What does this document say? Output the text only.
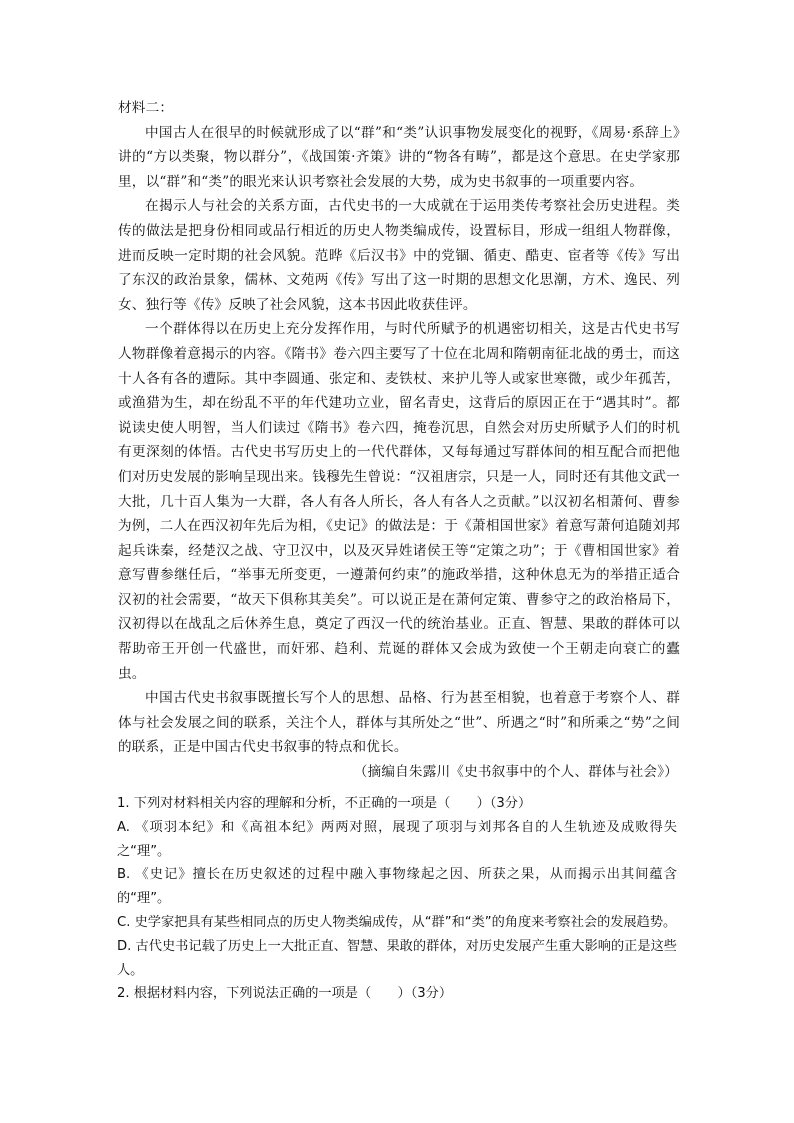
材料二：

中国古人在很早的时候就形成了以“群”和“类”认识事物发展变化的视野，《周易·系辞上》讲的“方以类聚，物以群分”，《战国策·齐策》讲的“物各有畴”，都是这个意思。在史学家那里，以“群”和“类”的眼光来认识考察社会发展的大势，成为史书叙事的一项重要内容。

在揭示人与社会的关系方面，古代史书的一大成就在于运用类传考察社会历史进程。类传的做法是把身份相同或品行相近的历史人物类编成传，设置标目，形成一组组人物群像，进而反映一定时期的社会风貌。范晔《后汉书》中的党锢、循吏、酷吏、宦者等《传》写出了东汉的政治景象，儒林、文苑两《传》写出了这一时期的思想文化思潮，方术、逸民、列女、独行等《传》反映了社会风貌，这本书因此收获佳评。

一个群体得以在历史上充分发挥作用，与时代所赋予的机遇密切相关，这是古代史书写人物群像着意揭示的内容。《隋书》卷六四主要写了十位在北周和隋朝南征北战的勇士，而这十人各有各的遭际。其中李圆通、张定和、麦铁杖、来护儿等人或家世寒微，或少年孤苦，或渔猎为生，却在纷乱不平的年代建功立业，留名青史，这背后的原因正在于“遇其时”。都说读史使人明智，当人们读过《隋书》卷六四，掩卷沉思，自然会对历史所赋予人们的时机有更深刻的体悟。古代史书写历史上的一代代群体，又每每通过写群体间的相互配合而把他们对历史发展的影响呈现出来。钱穆先生曾说：“汉祖唐宗，只是一人，同时还有其他文武一大批，几十百人集为一大群，各人有各人所长，各人有各人之贡献。”以汉初名相萧何、曹参为例，二人在西汉初年先后为相，《史记》的做法是：于《萧相国世家》着意写萧何追随刘邦起兵诛秦，经楚汉之战、守卫汉中，以及灭异姓诸侯王等“定策之功”；于《曹相国世家》着意写曹参继任后，“举事无所变更，一遵萧何约束”的施政举措，这种休息无为的举措正适合汉初的社会需要，“故天下俱称其美矣”。可以说正是在萧何定策、曹参守之的政治格局下，汉初得以在战乱之后休养生息，奠定了西汉一代的统治基业。正直、智慧、果敢的群体可以帮助帝王开创一代盛世，而奸邪、趋利、荒诞的群体又会成为致使一个王朝走向衰亡的蠹虫。

中国古代史书叙事既擅长写个人的思想、品格、行为甚至相貌，也着意于考察个人、群体与社会发展之间的联系，关注个人，群体与其所处之“世”、所遇之“时”和所乘之“势”之间的联系，正是中国古代史书叙事的特点和优长。

（摘编自朱露川《史书叙事中的个人、群体与社会》）

1. 下列对材料相关内容的理解和分析，不正确的一项是（　　）（3分）

A. 《项羽本纪》和《高祖本纪》两两对照，展现了项羽与刘邦各自的人生轨迹及成败得失之“理”。

B. 《史记》擅长在历史叙述的过程中融入事物缘起之因、所获之果，从而揭示出其间蕴含的“理”。

C. 史学家把具有某些相同点的历史人物类编成传，从“群”和“类”的角度来考察社会的发展趋势。

D. 古代史书记载了历史上一大批正直、智慧、果敢的群体，对历史发展产生重大影响的正是这些人。

2. 根据材料内容，下列说法正确的一项是（　　）（3分）
